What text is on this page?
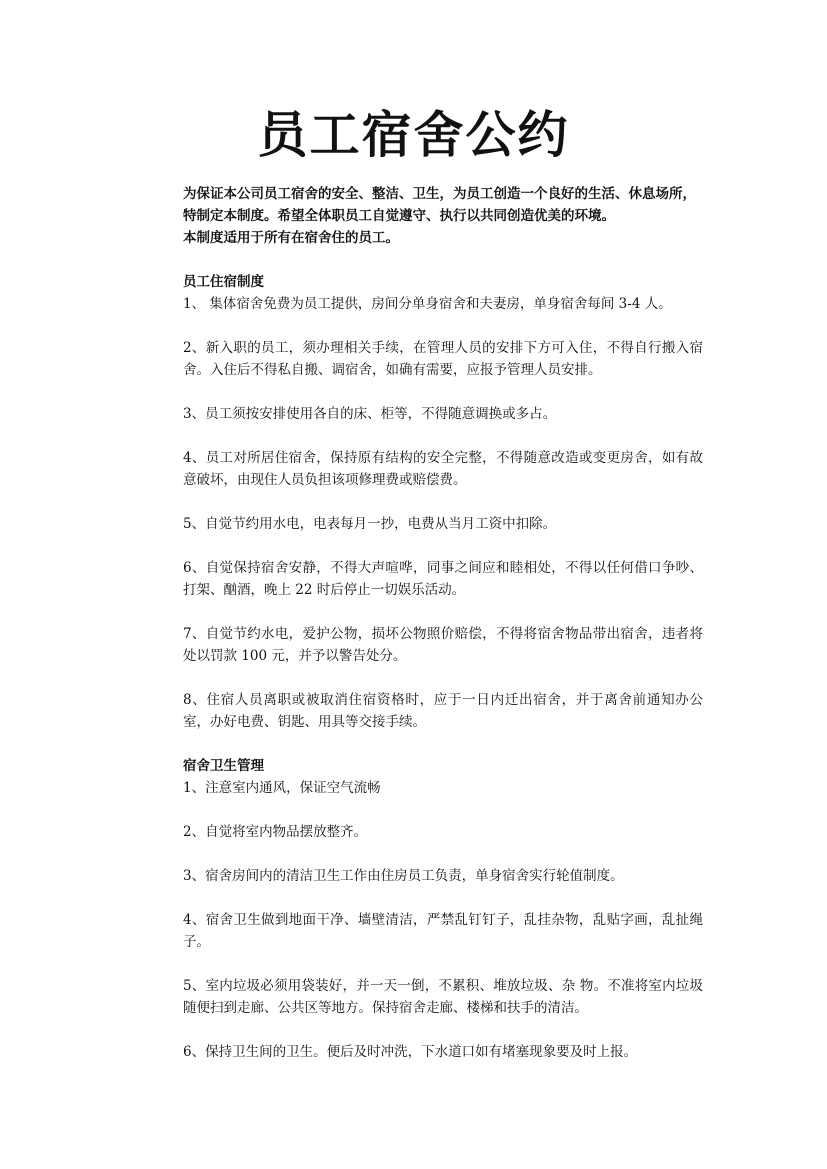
员工宿舍公约

为保证本公司员工宿舍的安全、整洁、卫生，为员工创造一个良好的生活、休息场所，特制定本制度。希望全体职员工自觉遵守、执行以共同创造优美的环境。

本制度适用于所有在宿舍住的员工。

员工住宿制度

1、 集体宿舍免费为员工提供，房间分单身宿舍和夫妻房，单身宿舍每间 3-4 人。

2、新入职的员工，须办理相关手续，在管理人员的安排下方可入住，不得自行搬入宿舍。入住后不得私自搬、调宿舍，如确有需要，应报予管理人员安排。

3、员工须按安排使用各自的床、柜等，不得随意调换或多占。

4、员工对所居住宿舍，保持原有结构的安全完整，不得随意改造或变更房舍，如有故意破坏，由现住人员负担该项修理费或赔偿费。

5、自觉节约用水电，电表每月一抄，电费从当月工资中扣除。

6、自觉保持宿舍安静，不得大声喧哗，同事之间应和睦相处，不得以任何借口争吵、打架、酗酒，晚上 22 时后停止一切娱乐活动。

7、自觉节约水电，爱护公物，损坏公物照价赔偿，不得将宿舍物品带出宿舍，违者将处以罚款 100 元，并予以警告处分。

8、住宿人员离职或被取消住宿资格时，应于一日内迁出宿舍，并于离舍前通知办公室，办好电费、钥匙、用具等交接手续。

宿舍卫生管理

1、注意室内通风，保证空气流畅

2、自觉将室内物品摆放整齐。

3、宿舍房间内的清洁卫生工作由住房员工负责，单身宿舍实行轮值制度。

4、宿舍卫生做到地面干净、墙壁清洁，严禁乱钉钉子，乱挂杂物，乱贴字画，乱扯绳子。

5、室内垃圾必须用袋装好，并一天一倒，不累积、堆放垃圾、杂 物。不准将室内垃圾随便扫到走廊、公共区等地方。保持宿舍走廊、楼梯和扶手的清洁。

6、保持卫生间的卫生。便后及时冲洗，下水道口如有堵塞现象要及时上报。
